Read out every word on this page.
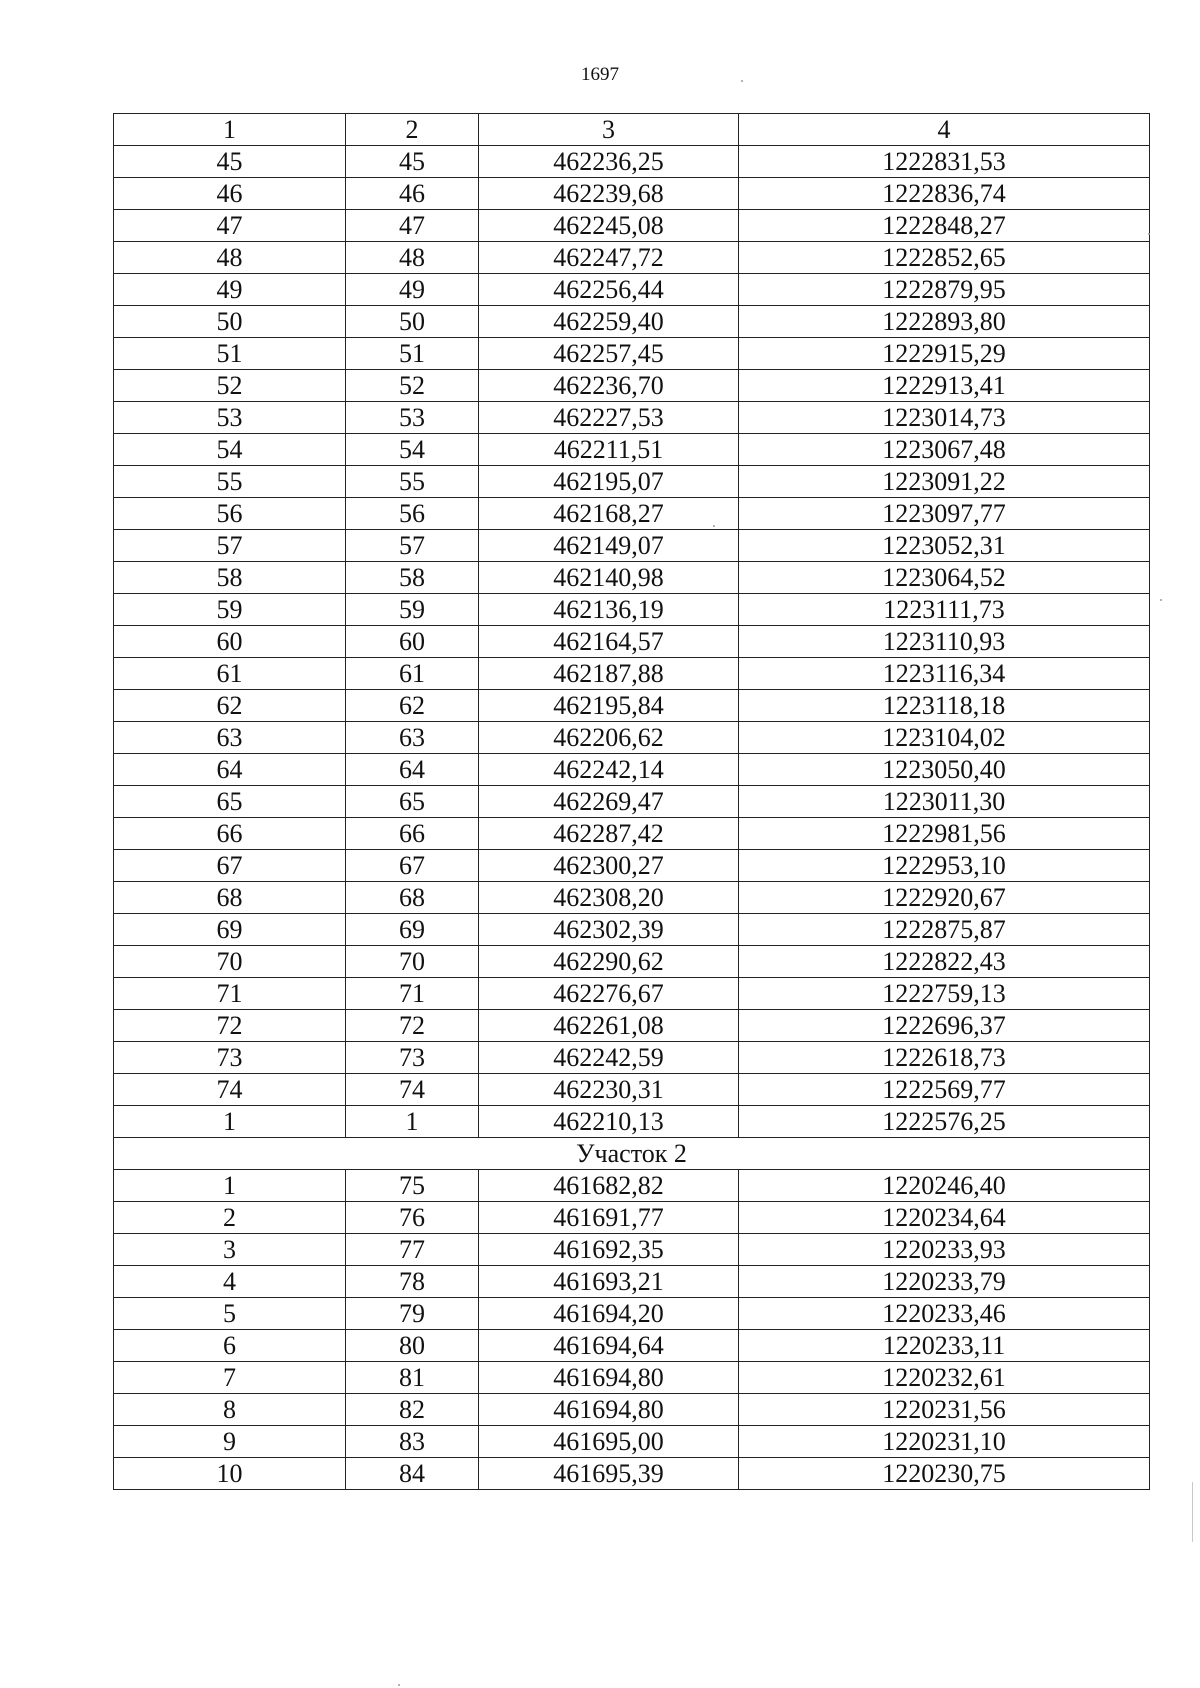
1697
1	2	3	4
45	45	462236,25	1222831,53
46	46	462239,68	1222836,74
47	47	462245,08	1222848,27
48	48	462247,72	1222852,65
49	49	462256,44	1222879,95
50	50	462259,40	1222893,80
51	51	462257,45	1222915,29
52	52	462236,70	1222913,41
53	53	462227,53	1223014,73
54	54	462211,51	1223067,48
55	55	462195,07	1223091,22
56	56	462168,27	1223097,77
57	57	462149,07	1223052,31
58	58	462140,98	1223064,52
59	59	462136,19	1223111,73
60	60	462164,57	1223110,93
61	61	462187,88	1223116,34
62	62	462195,84	1223118,18
63	63	462206,62	1223104,02
64	64	462242,14	1223050,40
65	65	462269,47	1223011,30
66	66	462287,42	1222981,56
67	67	462300,27	1222953,10
68	68	462308,20	1222920,67
69	69	462302,39	1222875,87
70	70	462290,62	1222822,43
71	71	462276,67	1222759,13
72	72	462261,08	1222696,37
73	73	462242,59	1222618,73
74	74	462230,31	1222569,77
1	1	462210,13	1222576,25
Участок 2			
1	75	461682,82	1220246,40
2	76	461691,77	1220234,64
3	77	461692,35	1220233,93
4	78	461693,21	1220233,79
5	79	461694,20	1220233,46
6	80	461694,64	1220233,11
7	81	461694,80	1220232,61
8	82	461694,80	1220231,56
9	83	461695,00	1220231,10
10	84	461695,39	1220230,75
